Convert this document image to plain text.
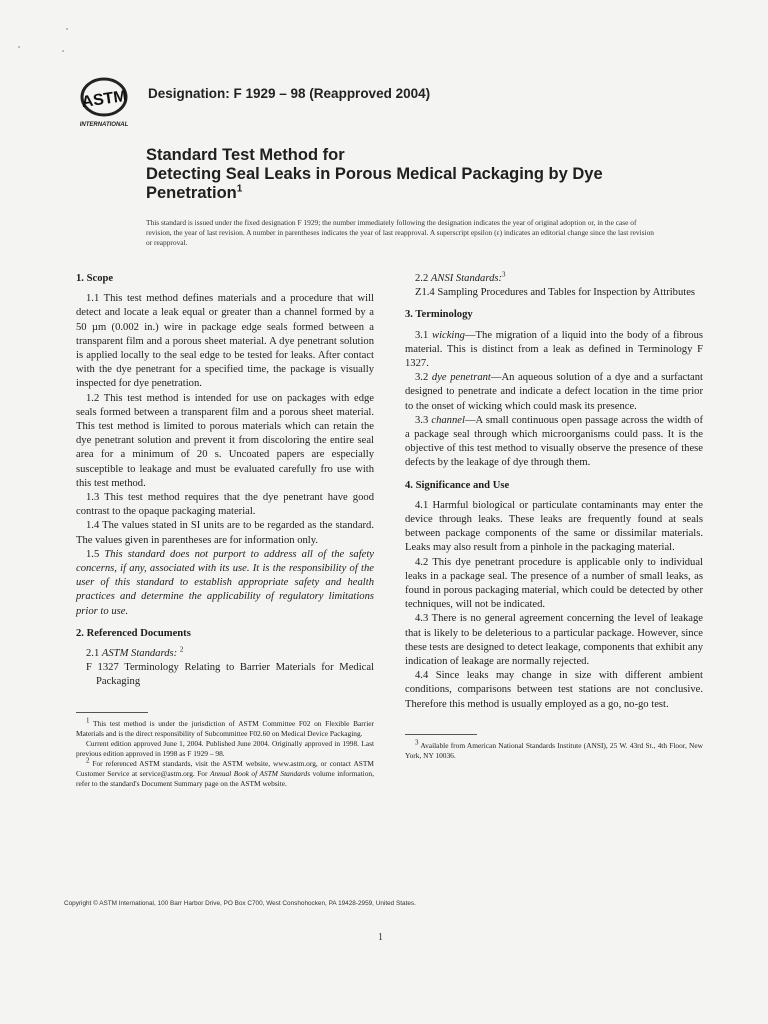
ASTM
INTERNATIONAL
Designation: F 1929 – 98 (Reapproved 2004)
Standard Test Method for
Detecting Seal Leaks in Porous Medical Packaging by Dye
Penetration$^1$
This standard is issued under the fixed designation F 1929; the number immediately following the designation indicates the year of original adoption or, in the case of revision, the year of last revision. A number in parentheses indicates the year of last reapproval. A superscript epsilon (ε) indicates an editorial change since the last revision or reapproval.
1. Scope

1.1 This test method defines materials and a procedure that will detect and locate a leak equal or greater than a channel formed by a 50 µm (0.002 in.) wire in package edge seals formed between a transparent film and a porous sheet material. A dye penetrant solution is applied locally to the seal edge to be tested for leaks. After contact with the dye penetrant for a specified time, the package is visually inspected for dye penetration.

1.2 This test method is intended for use on packages with edge seals formed between a transparent film and a porous sheet material. This test method is limited to porous materials which can retain the dye penetrant solution and prevent it from discoloring the entire seal area for a minimum of 20 s. Uncoated papers are especially susceptible to leakage and must be evaluated carefully fro use with this test method.

1.3 This test method requires that the dye penetrant have good contrast to the opaque packaging material.

1.4 The values stated in SI units are to be regarded as the standard. The values given in parentheses are for information only.

1.5 This standard does not purport to address all of the safety concerns, if any, associated with its use. It is the responsibility of the user of this standard to establish appropriate safety and health practices and determine the applicability of regulatory limitations prior to use.

2. Referenced Documents

2.1 ASTM Standards: $^2$

F 1327 Terminology Relating to Barrier Materials for Medical Packaging

$^1$ This test method is under the jurisdiction of ASTM Committee F02 on Flexible Barrier Materials and is the direct responsibility of Subcommittee F02.60 on Medical Device Packaging.

Current edition approved June 1, 2004. Published June 2004. Originally approved in 1998. Last previous edition approved in 1998 as F 1929 – 98.

$^2$ For referenced ASTM standards, visit the ASTM website, www.astm.org, or contact ASTM Customer Service at service@astm.org. For Annual Book of ASTM Standards volume information, refer to the standard's Document Summary page on the ASTM website.

2.2 ANSI Standards:$^3$

Z1.4 Sampling Procedures and Tables for Inspection by Attributes

3. Terminology

3.1 wicking—The migration of a liquid into the body of a fibrous material. This is distinct from a leak as defined in Terminology F 1327.

3.2 dye penetrant—An aqueous solution of a dye and a surfactant designed to penetrate and indicate a defect location in the time prior to the onset of wicking which could mask its presence.

3.3 channel—A small continuous open passage across the width of a package seal through which microorganisms could pass. It is the objective of this test method to visually observe the presence of these defects by the leakage of dye through them.

4. Significance and Use

4.1 Harmful biological or particulate contaminants may enter the device through leaks. These leaks are frequently found at seals between package components of the same or dissimilar materials. Leaks may also result from a pinhole in the packaging material.

4.2 This dye penetrant procedure is applicable only to individual leaks in a package seal. The presence of a number of small leaks, as found in porous packaging material, which could be detected by other techniques, will not be indicated.

4.3 There is no general agreement concerning the level of leakage that is likely to be deleterious to a particular package. However, since these tests are designed to detect leakage, components that exhibit any indication of leakage are normally rejected.

4.4 Since leaks may change in size with different ambient conditions, comparisons between test stations are not conclusive. Therefore this method is usually employed as a go, no-go test.

$^3$ Available from American National Standards Institute (ANSI), 25 W. 43rd St., 4th Floor, New York, NY 10036.

Copyright © ASTM International, 100 Barr Harbor Drive, PO Box C700, West Conshohocken, PA 19428-2959, United States.
1
